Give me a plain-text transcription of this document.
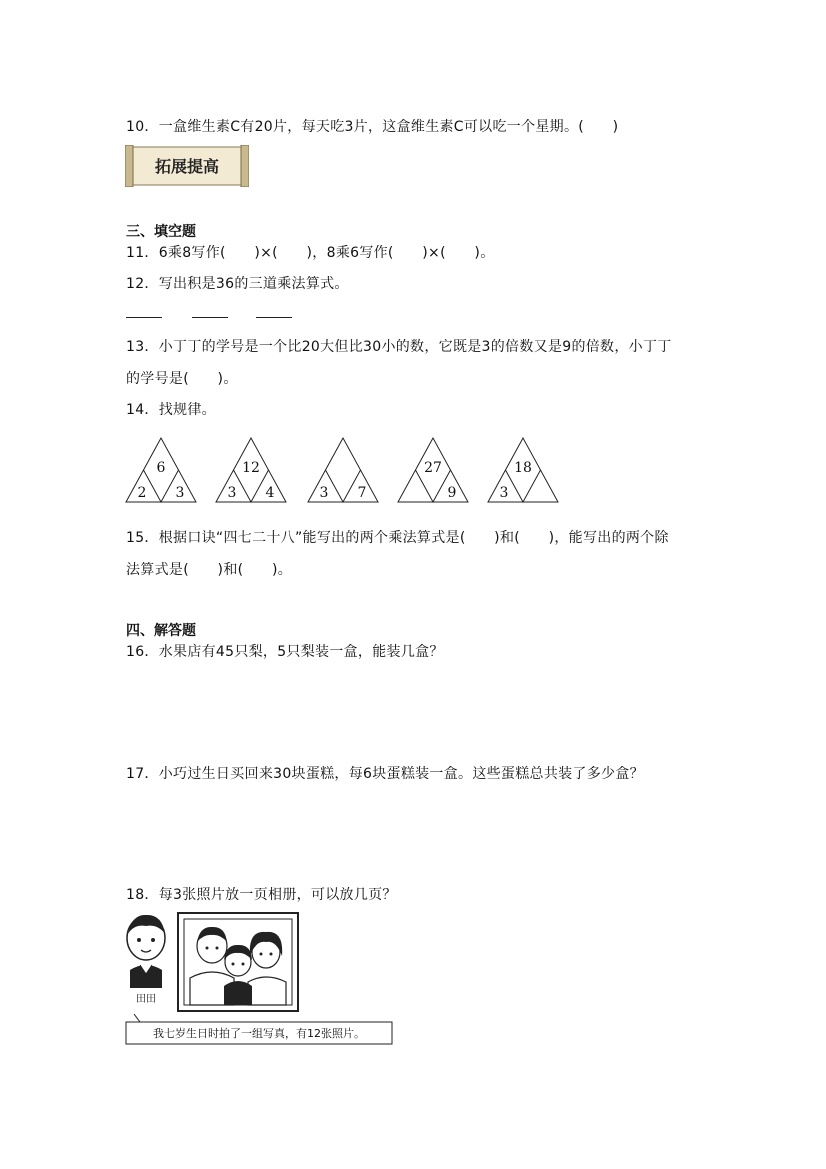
10．一盒维生素C有20片，每天吃3片，这盒维生素C可以吃一个星期。(　　)
拓展提高
三、填空题
11．6乘8写作(　　)×(　　)，8乘6写作(　　)×(　　)。
12．写出积是36的三道乘法算式。
13．小丁丁的学号是一个比20大但比30小的数，它既是3的倍数又是9的倍数，小丁丁
的学号是(　　)。
14．找规律。
6
2 3
12
3 4	3 7
27
9
18
3
15．根据口诀“四七二十八”能写出的两个乘法算式是(　　)和(　　)，能写出的两个除
法算式是(　　)和(　　)。
四、解答题
16．水果店有45只梨，5只梨装一盒，能装几盒？
17．小巧过生日买回来30块蛋糕，每6块蛋糕装一盒。这些蛋糕总共装了多少盒？
18．每3张照片放一页相册，可以放几页？
田田
我七岁生日时拍了一组写真，有12张照片。
